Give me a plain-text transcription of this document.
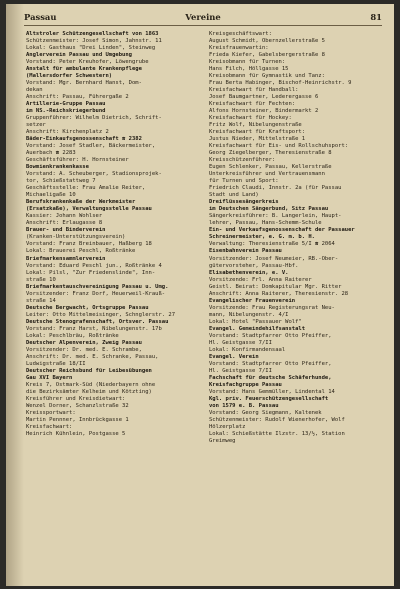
Passau	Vereine	81
Altstroler Schützengesellschaft von 1863
Schützenmeister: Josef Simon, Jahnstr. 11
Lokal: Gasthaus "Drei Linden", Steinweg
Anglerverein Passau und Umgebung
Vorstand: Peter Kreuhofer, Löwengrube
Anstalt für ambulante Krankenpflege
(Mallersdorfer Schwestern)
Vorstand: Mgr. Bernhard Hanst, Dom-
dekan
Anschrift: Passau, Führergaße 2
Artillerie-Gruppe Passau
im NS.-Reichskriegerbund
Gruppenführer: Wilhelm Dietrich, Schrift-
setzer
Anschrift: Kirchenplatz 2
Bäder-Einkaufsgenossenschaft ☎ 2382
Vorstand: Josef Stadler, Bäckermeister,
Auerbach ☎ 2283
Geschäftsführer: H. Hornsteiner
Bowmienkrankenkasse
Vorstand: A. Scheuberger, Stadionsprojek-
tor, Schießstattweg 7
Geschäftsstelle: Frau Amalie Reiter,
Michaeligaße 10
Berufskrankenkaße der Werkmeister
(Ersatzkaße), Verwaltungsstelle Passau
Kassier: Johann Wohlser
Anschrift: Erlaugasse 8
Brauer- und Binderverein
(Kranken-Unterstützungsverein)
Vorstand: Franz Breinbauer, Haßberg 18
Lokal: Brauerei Peschl, Roßtränke
Briefmarkensammlerverein
Vorstand: Eduard Peschl jun., Roßtränke 4
Lokal: Pilsl, "Zur Friedenslinde", Inn-
straße 10
Briefmarkentauschvereinigung Passau u. Umg.
Vorsitzender: Franz Dorf, Heuerweil-Krauß-
straße 14
Deutsche Bergwacht, Ortsgruppe Passau
Leiter: Otto Mittelmeisinger, Schnglerstr. 27
Deutsche Stenografenschaft, Ortsver. Passau
Vorstand: Franz Harst, Nibelungenstr. 17b
Lokal: Peschlbräu, Roßtränke
Deutscher Alpenverein, Zweig Passau
Vorsitzender: Dr. med. E. Schrambe,
Anschrift: Dr. med. E. Schranke, Passau,
Ludwigstraße 18/II
Deutscher Reichsbund für Leibesübungen
Gau XVI Bayern
Kreis 7, Ostmark-Süd (Niederbayern ohne
die Bezirksämter Kelheim und Kötzting)
Kreisführer und Kreisdietwart:
Wenzel Dorner, Schanzlstraße 32
Kreissportwart:
Martin Pennner, Innbrückgasse 1
Kreisfachwart:
Heinrich Kühnlein, Postgasse 5
Kreisgeschäftswart:
August Schmidt, Obernzellerstraße 5
Kreisfrauenwartin:
Frieda Kiefer, Gabelsbergerstraße 8
Kreisobmann für Turnen:
Hans Filch, Höllgasse 15
Kreisobmann für Gymnastik und Tanz:
Frau Berta Habinger, Bischof-Heinrichstr. 9
Kreisfachwart für Handball:
Josef Baumgartner, Lederergasse 6
Kreisfachwart für Fechten:
Alfons Hornsteiner, Bindermarkt 2
Kreisfachwart für Hockey:
Fritz Wolf, Nibelungenstraße
Kreisfachwart für Kraftsport:
Justus Nieder, Mittelstraße 1
Kreisfachwart für Eis- und Rollschuhsport:
Georg Ziegelberger, Theresienstraße 8
Kreisschützenführer:
Eugen Schlenker, Passau, Kellerstraße
Unterkreisführer und Vertrauensmann
für Turnen und Sport:
Friedrich Claudi, Innstr. 2a (für Passau
Stadt und Land)
Dreiflüssesängerkreis
im Deutschen Sängerbund, Sitz Passau
Sängerkreisführer: B. Langerlein, Haupt-
lehrer, Passau, Hans-Schemm-Schule
Ein- und Verkaufsgenossenschaft der Passauer
Schreinermeister, e. G. m. b. H.
Verwaltung: Theresienstraße 5/I ☎ 2064
Eisenbahnverein Passau
Vorsitzender: Josef Neumeier, RB.-Ober-
gütervorsteher, Passau-Hbf.
Elisabethenverein, e. V.
Vorsitzende: Frl. Anna Raiterer
Geistl. Beirat: Domkapitular Mgr. Ritter
Anschrift: Anna Raiterer, Theresienstr. 28
Evangelischer Frauenverein
Vorsitzende: Frau Registerungsrat Neu-
mann, Nibelungenstr. 4/I
Lokal: Hotel "Passauer Wolf"
Evangel. Gemeindehilfsanstalt
Vorstand: Stadtpfarrer Otto Pfeiffer,
Hl. Geistgasse 7/II
Lokal: Konfirmandensaal
Evangel. Verein
Vorstand: Stadtpfarrer Otto Pfeiffer,
Hl. Geistgasse 7/II
Fachschaft für deutsche Schäferhunde,
Kreisfachgruppe Passau
Vorstand: Hans Gemmüller, Lindental 14
Kgl. priv. Feuerschützengesellschaft
von 1579 e. B. Passau
Vorstand: Georg Siegmann, Kaltenek
Schützenmeister: Rudolf Wienerhofer, Wolf
Hölzerplatz
Lokal: Schießstätte Ilzstr. 13/½, Station
Greimweg
